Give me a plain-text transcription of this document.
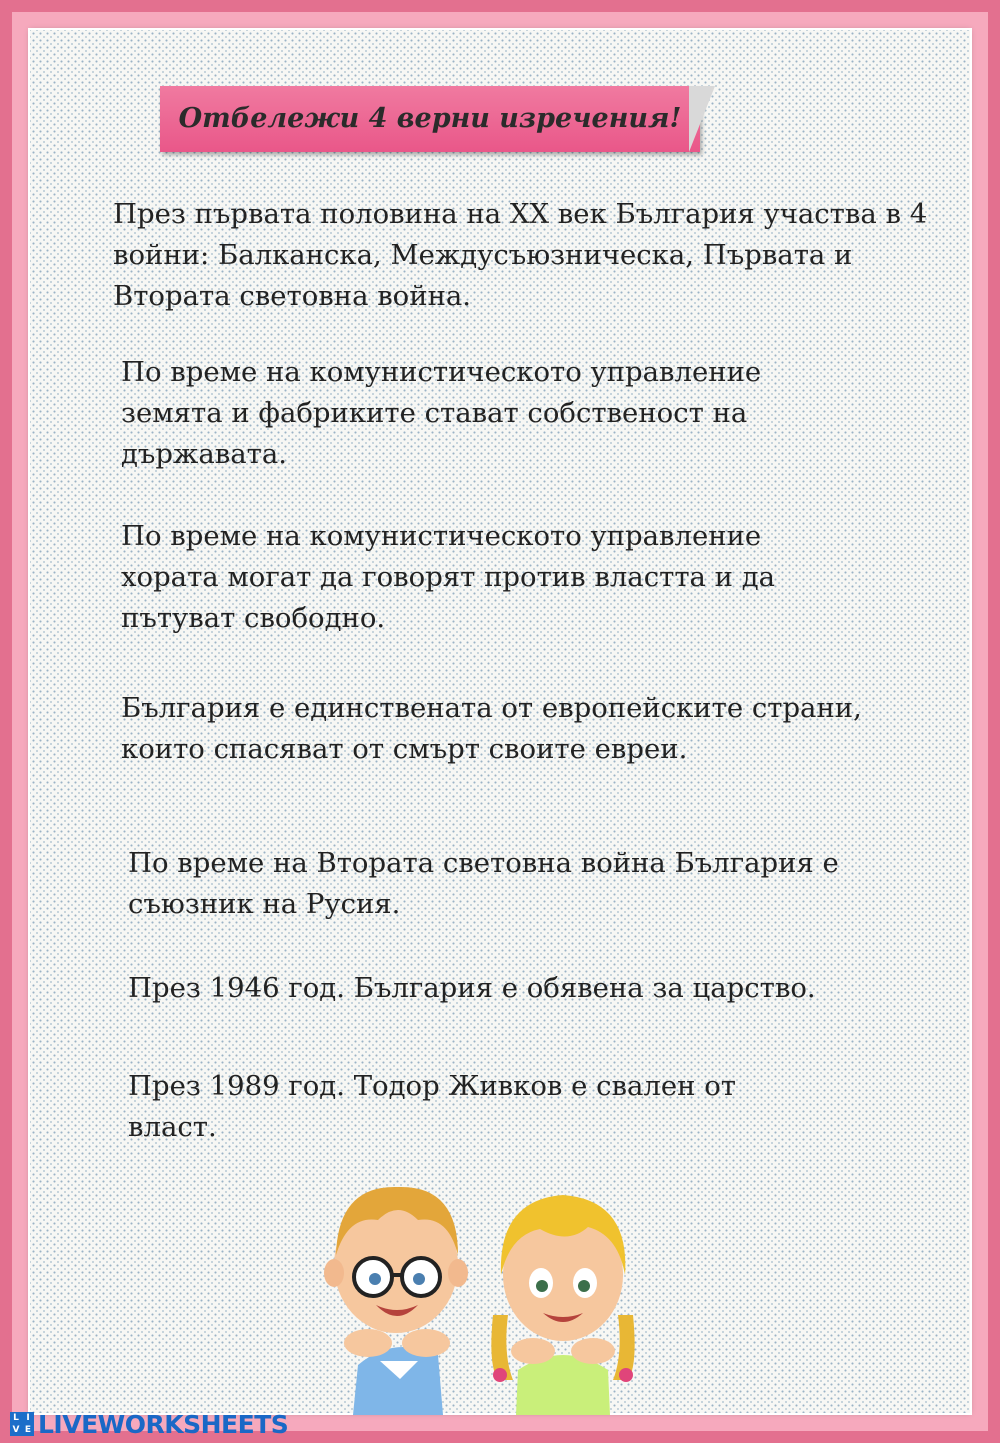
Отбележи 4 верни изречения!

През първата половина на XX век България участва в 4 войни: Балканска, Междусъюзническа, Първата и Втората световна война.

По време на комунистическото управление земята и фабриките стават собственост на държавата.

По време на комунистическото управление хората могат да говорят против властта и да пътуват свободно.

България е единствената от европейските страни, които спасяват от смърт своите евреи.

По време на Втората световна война България е съюзник на Русия.

През 1946 год. България е обявена за царство.

През 1989 год. Тодор Живков е свален от власт.

L I
V E LIVEWORKSHEETS
